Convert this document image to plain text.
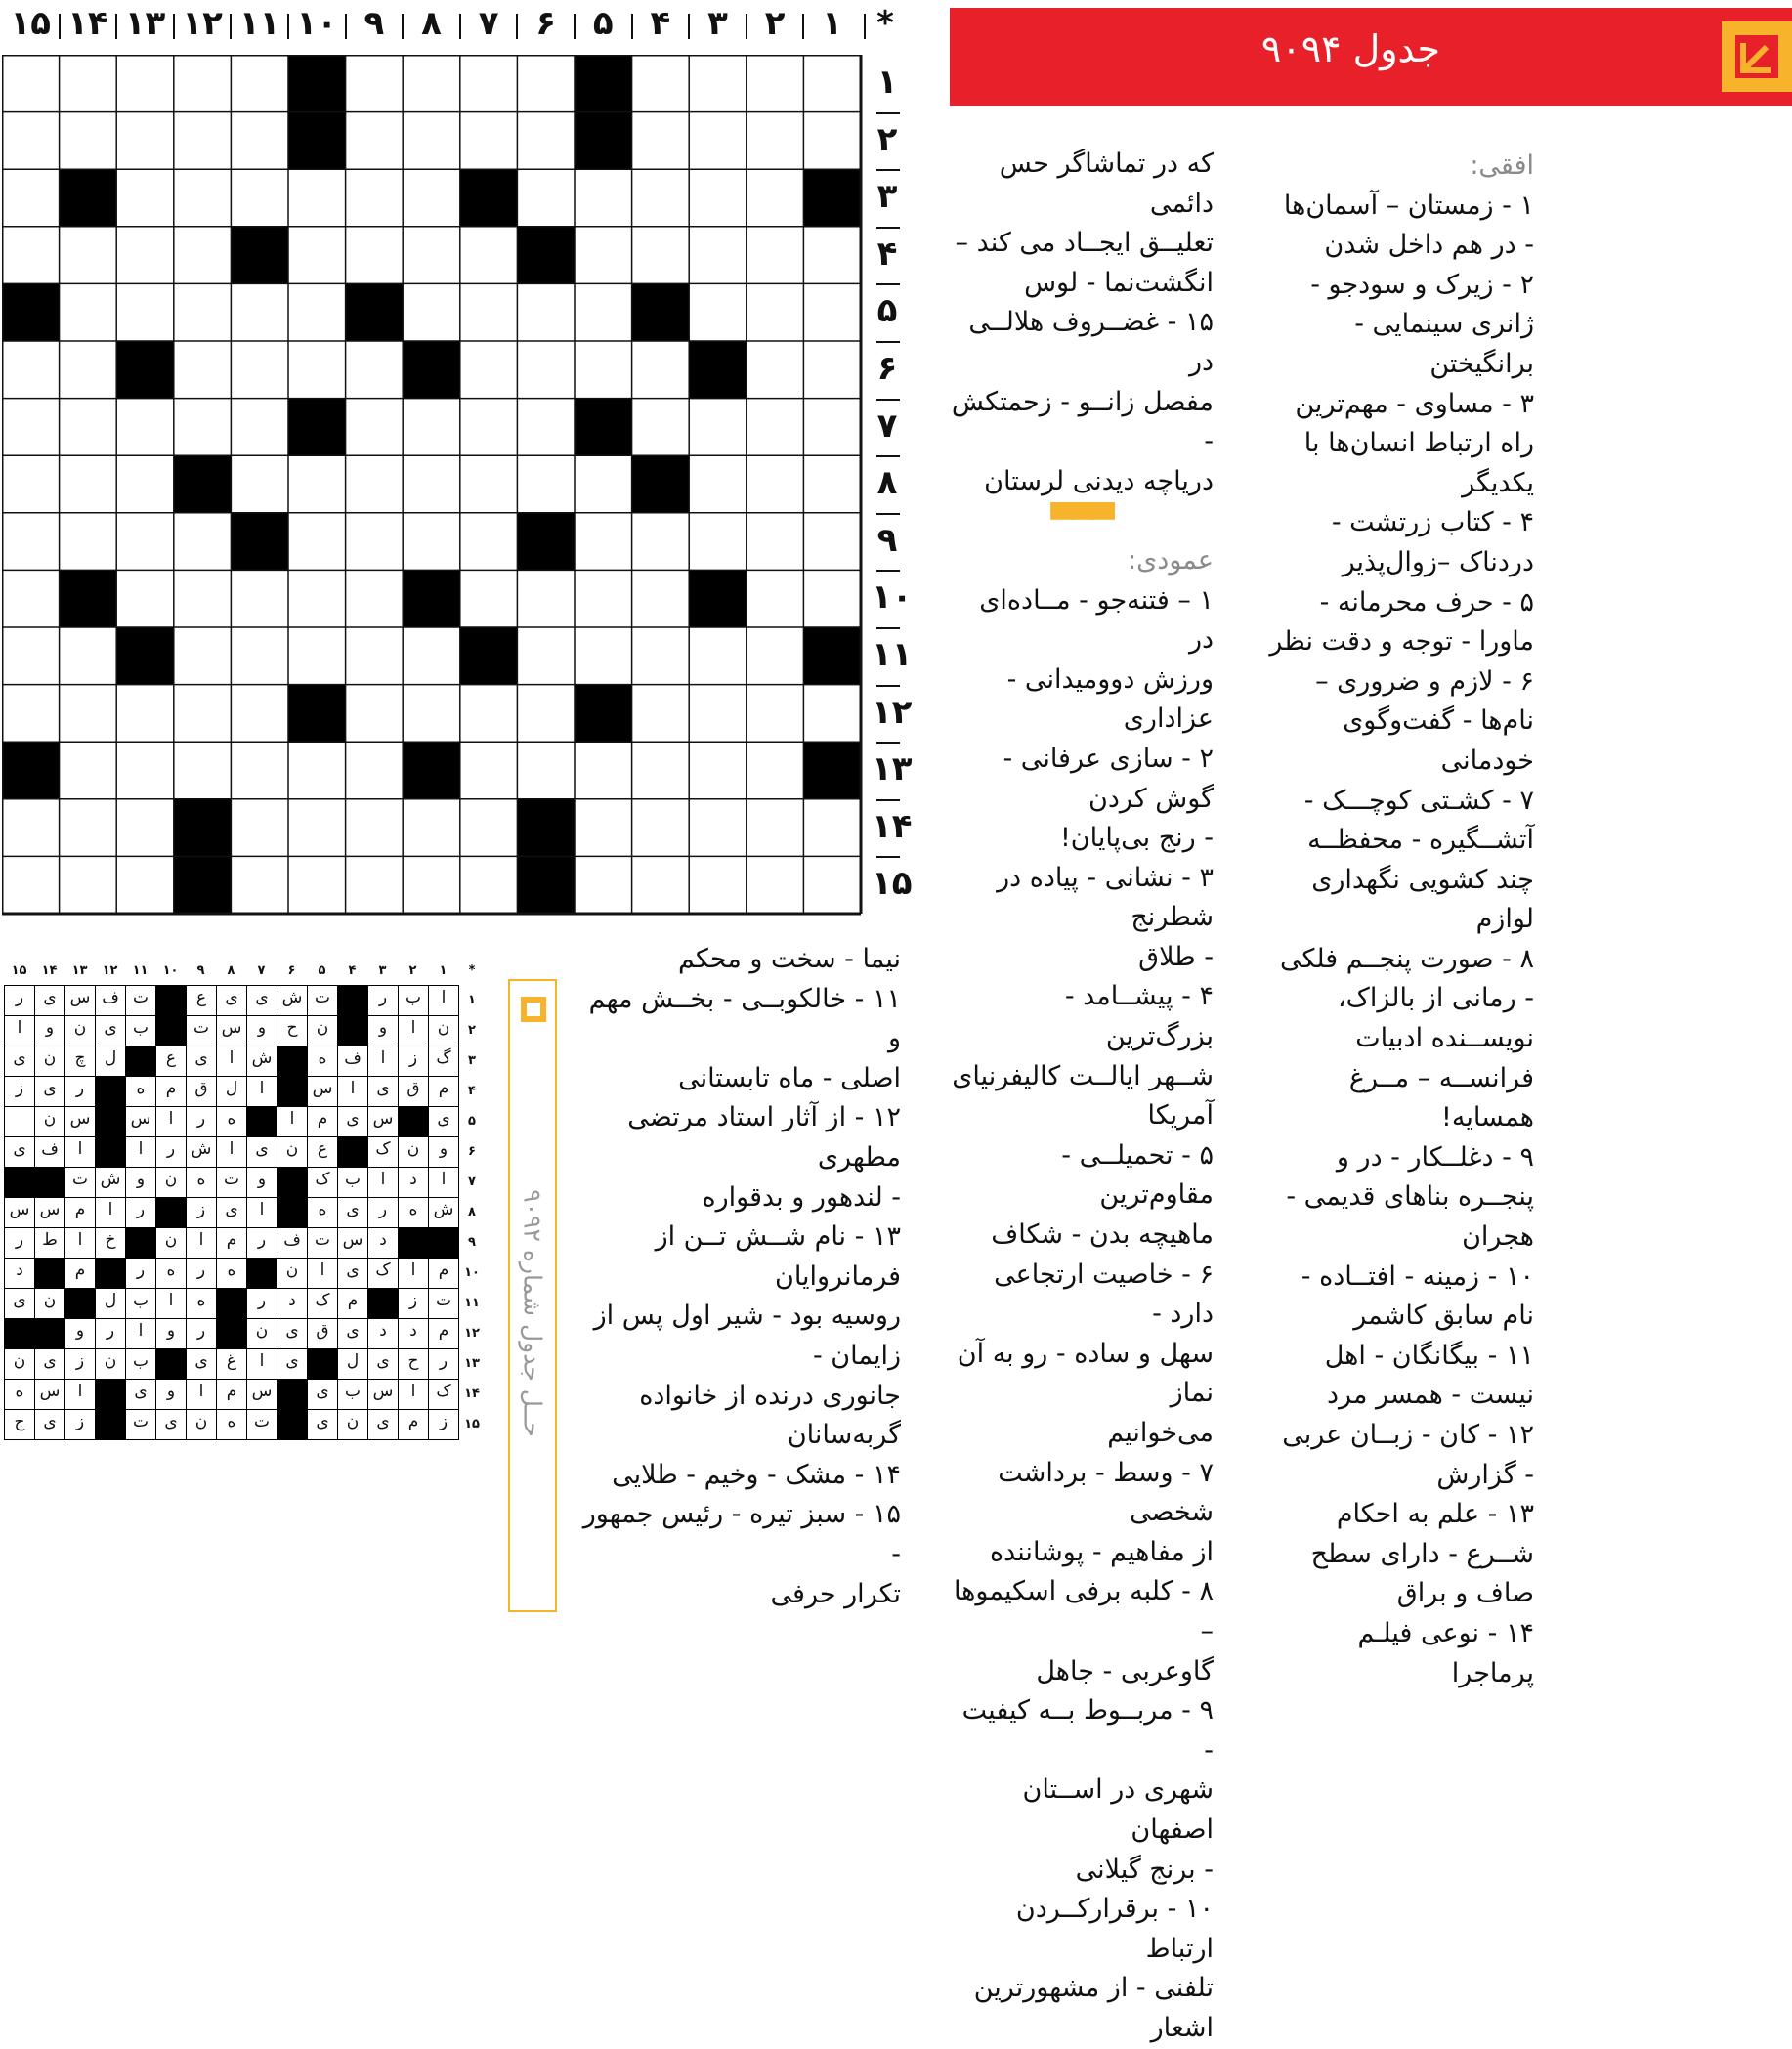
*
۱
۲
۳
۴
۵
۶
۷
۸
۹
۱۰
۱۱
۱۲
۱۳
۱۴
۱۵
۱
۲
۳
۴
۵
۶
۷
۸
۹
۱۰
۱۱
۱۲
۱۳
۱۴
۱۵
جدول ۹۰۹۴

افقی:

۱ - زمستان – آسمان‌ها - در هم داخل شدن

۲ - زیرک و سودجو - ژانری سینمایی - برانگیختن

۳ - مساوی - مهم‌ترین راه ارتباط انسان‌ها با یکدیگر

۴ - کتاب زرتشت - دردناک –زوال‌پذیر

۵ - حرف محرمانه - ماورا - توجه و دقت نظر

۶ - لازم و ضروری – نام‌ها - گفت‌وگوی خودمانی

۷ - کشـتی کوچـــک - آتشــگیره - محفظــه چند کشویی نگهداری لوازم

۸ - صورت پنجــم فلکی - رمانی از بالزاک، نویســنده ادبیات فرانســه – مــرغ همسایه!

۹ - دغلــکار - در و پنجــره بناهای قدیمی - هجران

۱۰ - زمینه - افتــاده - نام سابق کاشمر

۱۱ - بیگانگان - اهل نیست - همسر مرد

۱۲ - کان - زبــان عربی - گزارش

۱۳ - علم به احکام شــرع - دارای سطح صاف و براق

۱۴ - نوعی فیلـم پرماجرا

که در تماشاگر حس دائمی

تعلیــق ایجــاد می کند –

انگشت‌نما - لوس

۱۵ - غضــروف هلالــی در

مفصل زانــو - زحمتکش -

دریاچه دیدنی لرستان

▀▀▀

عمودی:

۱ – فتنه‌جو - مــاده‌ای در

ورزش دوومیدانی - عزاداری

۲ - سازی عرفانی - گوش کردن

- رنج بی‌پایان!

۳ - نشانی - پیاده در شطرنج

- طلاق

۴ - پیشــامد - بزرگ‌ترین

شــهر ایالــت کالیفرنیای

آمریکا

۵ - تحمیلــی - مقاوم‌ترین

ماهیچه بدن - شکاف

۶ - خاصیت ارتجاعی دارد -

سهل و ساده - رو به آن نماز

می‌خوانیم

۷ - وسط - برداشت شخصی

از مفاهیم - پوشاننده

۸ - کلبه برفی اسکیموها –

گاوعربی - جاهل

۹ - مربــوط بــه کیفیت -

شهری در اســتان اصفهان

- برنج گیلانی

۱۰ - برقرارکــردن ارتباط

تلفنی - از مشهورترین اشعار

نیما - سخت و محکم

۱۱ - خالکوبــی - بخــش مهم و

اصلی - ماه تابستانی

۱۲ - از آثار استاد مرتضی مطهری

- لندهور و بدقواره

۱۳ - نام شــش تــن از فرمانروایان

روسیه بود - شیر اول پس از زایمان -

جانوری درنده از خانواده گربه‌سانان

۱۴ - مشک - وخیم - طلایی

۱۵ - سبز تیره - رئیس جمهور -

تکرار حرفی

حــل جدول شماره ۹۰۹۲
*
۱
۲
۳
۴
۵
۶
۷
۸
۹
۱۰
۱۱
۱۲
۱۳
۱۴
۱۵
۱
۲
۳
۴
۵
۶
۷
۸
۹
۱۰
۱۱
۱۲
۱۳
۱۴
۱۵
ا
ب
ر
ت
ش
ی
ی
ع
ت
ف
س
ی
ر
ن
ا
و
ن
ح
و
س
ت
ب
ی
ن
و
ا
گ
ز
ا
ف
ه
ش
ا
ی
ع
ل
چ
ن
ی
م
ق
ی
ا
س
ا
ل
ق
م
ه
ر
ی
ز
ی
س
ی
م
ا
ه
ر
ا
س
س
ن
و
ن
ک
ع
ن
ی
ا
ش
ر
ا
ا
ف
ی
ا
د
ا
ب
ک
و
ت
ه
ن
و
ش
ت
ش
ه
ر
ی
ه
ا
ی
ز
ر
ا
م
س
س
د
س
ت
ف
ر
م
ا
ن
خ
ا
ط
ر
م
ا
ک
ی
ا
ن
ه
ر
ه
ر
م
د
ت
ز
م
ک
د
ر
ه
ا
ب
ل
ن
ی
م
د
د
ی
ق
ی
ن
ر
و
ا
ر
و
ر
ح
ی
ل
ی
ا
غ
ی
ب
ن
ز
ی
ن
ک
ا
س
ب
ی
س
م
ا
و
ی
ا
س
ه
ز
م
ی
ن
ی
ت
ه
ن
ی
ت
ز
ی
ج
